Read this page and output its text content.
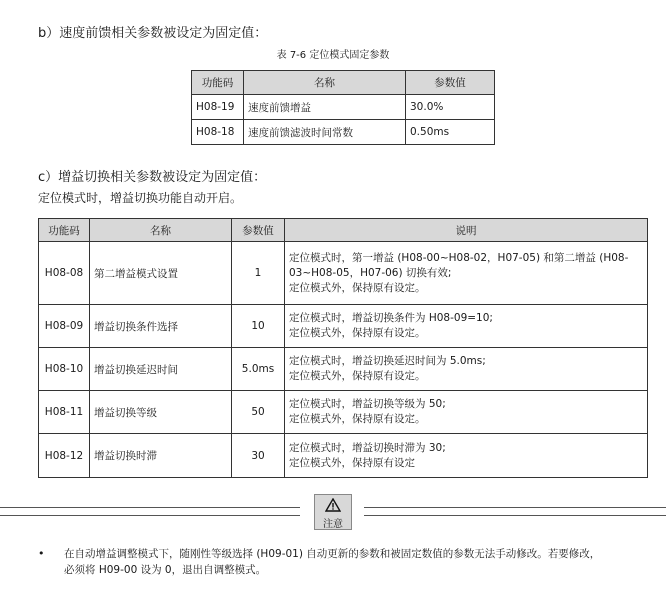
b）速度前馈相关参数被设定为固定值：
表 7-6 定位模式固定参数
功能码	名称	参数值
H08-19	速度前馈增益	30.0%
H08-18	速度前馈滤波时间常数	0.50ms
c）增益切换相关参数被设定为固定值：
定位模式时，增益切换功能自动开启。
功能码	名称	参数值	说明
H08-08	第二增益模式设置	1	定位模式时，第一增益 (H08-00~H08-02，H07-05) 和第二增益 (H08-
03~H08-05，H07-06) 切换有效;
定位模式外，保持原有设定。

H08-09	增益切换条件选择	10	定位模式时，增益切换条件为 H08-09=10;
定位模式外，保持原有设定。

H08-10	增益切换延迟时间	5.0ms	定位模式时，增益切换延迟时间为 5.0ms;
定位模式外，保持原有设定。

H08-11	增益切换等级	50	定位模式时，增益切换等级为 50;
定位模式外，保持原有设定。

H08-12	增益切换时滞	30	定位模式时，增益切换时滞为 30;
定位模式外，保持原有设定
注意
• 在自动增益调整模式下，随刚性等级选择 (H09-01) 自动更新的参数和被固定数值的参数无法手动修改。若要修改，
必须将 H09-00 设为 0，退出自调整模式。
